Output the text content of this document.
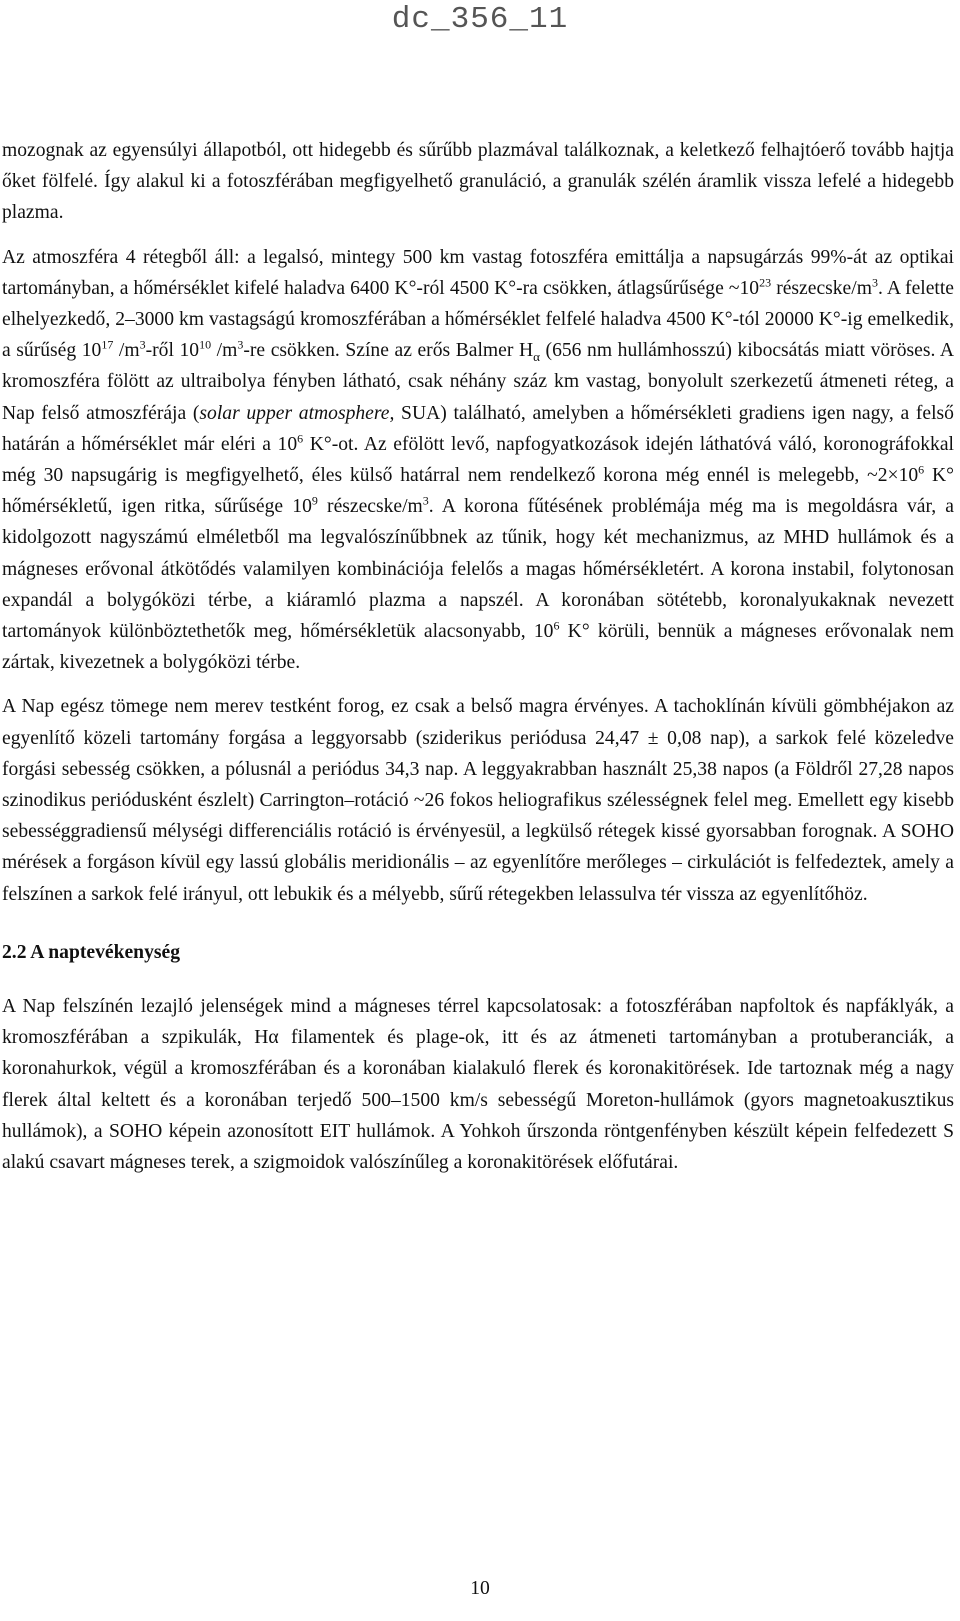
dc_356_11

mozognak az egyensúlyi állapotból, ott hidegebb és sűrűbb plazmával találkoznak, a keletkező felhajtóerő tovább hajtja őket fölfelé. Így alakul ki a fotoszférában megfigyelhető granuláció, a granulák szélén áramlik vissza lefelé a hidegebb plazma.

Az atmoszféra 4 rétegből áll: a legalsó, mintegy 500 km vastag fotoszféra emittálja a napsugárzás 99%-át az optikai tartományban, a hőmérséklet kifelé haladva 6400 K°-ról 4500 K°-ra csökken, átlagsűrűsége $\sim 10^{23}$ részecske/$m^3$. A felette elhelyezkedő, 2–3000 km vastagságú kromoszférában a hőmérséklet felfelé haladva 4500 K°-tól 20000 K°-ig emelkedik, a sűrűség $10^{17}$ $/m^3$-ről $10^{10}$ $/m^3-re$ csökken. Színe az erős Balmer $H_\alpha$ (656 nm hullámhosszú) kibocsátás miatt vöröses. A kromoszféra fölött az ultraibolya fényben látható, csak néhány száz km vastag, bonyolult szerkezetű átmeneti réteg, a Nap felső atmoszférája (solar upper atmosphere, SUA) található, amelyben a hőmérsékleti gradiens igen nagy, a felső határán a hőmérséklet már eléri a $10^6$ K°-ot. Az efölött levő, napfogyatkozások idején láthatóvá váló, koronográfokkal még 30 napsugárig is megfigyelhető, éles külső határral nem rendelkező korona még ennél is melegebb, $\sim 2\times 10^6$ K° hőmérsékletű, igen ritka, sűrűsége $10^9$ részecske/$m^3$. A korona fűtésének problémája még ma is megoldásra vár, a kidolgozott nagyszámú elméletből ma legvalószínűbbnek az tűnik, hogy két mechanizmus, az MHD hullámok és a mágneses erővonal átkötődés valamilyen kombinációja felelős a magas hőmérsékletért. A korona instabil, folytonosan expandál a bolygóközi térbe, a kiáramló plazma a napszél. A koronában sötétebb, koronalyukaknak nevezett tartományok különböztethetők meg, hőmérsékletük alacsonyabb, $10^6$ K° körüli, bennük a mágneses erővonalak nem zártak, kivezetnek a bolygóközi térbe.

A Nap egész tömege nem merev testként forog, ez csak a belső magra érvényes. A tachoklínán kívüli gömbhéjakon az egyenlítő közeli tartomány forgása a leggyorsabb (sziderikus periódusa 24,47 ± 0,08 nap), a sarkok felé közeledve forgási sebesség csökken, a pólusnál a periódus 34,3 nap. A leggyakrabban használt 25,38 napos (a Földről 27,28 napos szinodikus periódusként észlelt) Carrington–rotáció ~26 fokos heliografikus szélességnek felel meg. Emellett egy kisebb sebességgradiensű mélységi differenciális rotáció is érvényesül, a legkülső rétegek kissé gyorsabban forognak. A SOHO mérések a forgáson kívül egy lassú globális meridionális – az egyenlítőre merőleges – cirkulációt is felfedeztek, amely a felszínen a sarkok felé irányul, ott lebukik és a mélyebb, sűrű rétegekben lelassulva tér vissza az egyenlítőhöz.

2.2 A naptevékenység

A Nap felszínén lezajló jelenségek mind a mágneses térrel kapcsolatosak: a fotoszférában napfoltok és napfáklyák, a kromoszférában a szpikulák, Hα filamentek és plage-ok, itt és az átmeneti tartományban a protuberanciák, a koronahurkok, végül a kromoszférában és a koronában kialakuló flerek és koronakitörések. Ide tartoznak még a nagy flerek által keltett és a koronában terjedő 500–1500 km/s sebességű Moreton-hullámok (gyors magnetoakusztikus hullámok), a SOHO képein azonosított EIT hullámok. A Yohkoh űrszonda röntgenfényben készült képein felfedezett S alakú csavart mágneses terek, a szigmoidok valószínűleg a koronakitörések előfutárai.

10
